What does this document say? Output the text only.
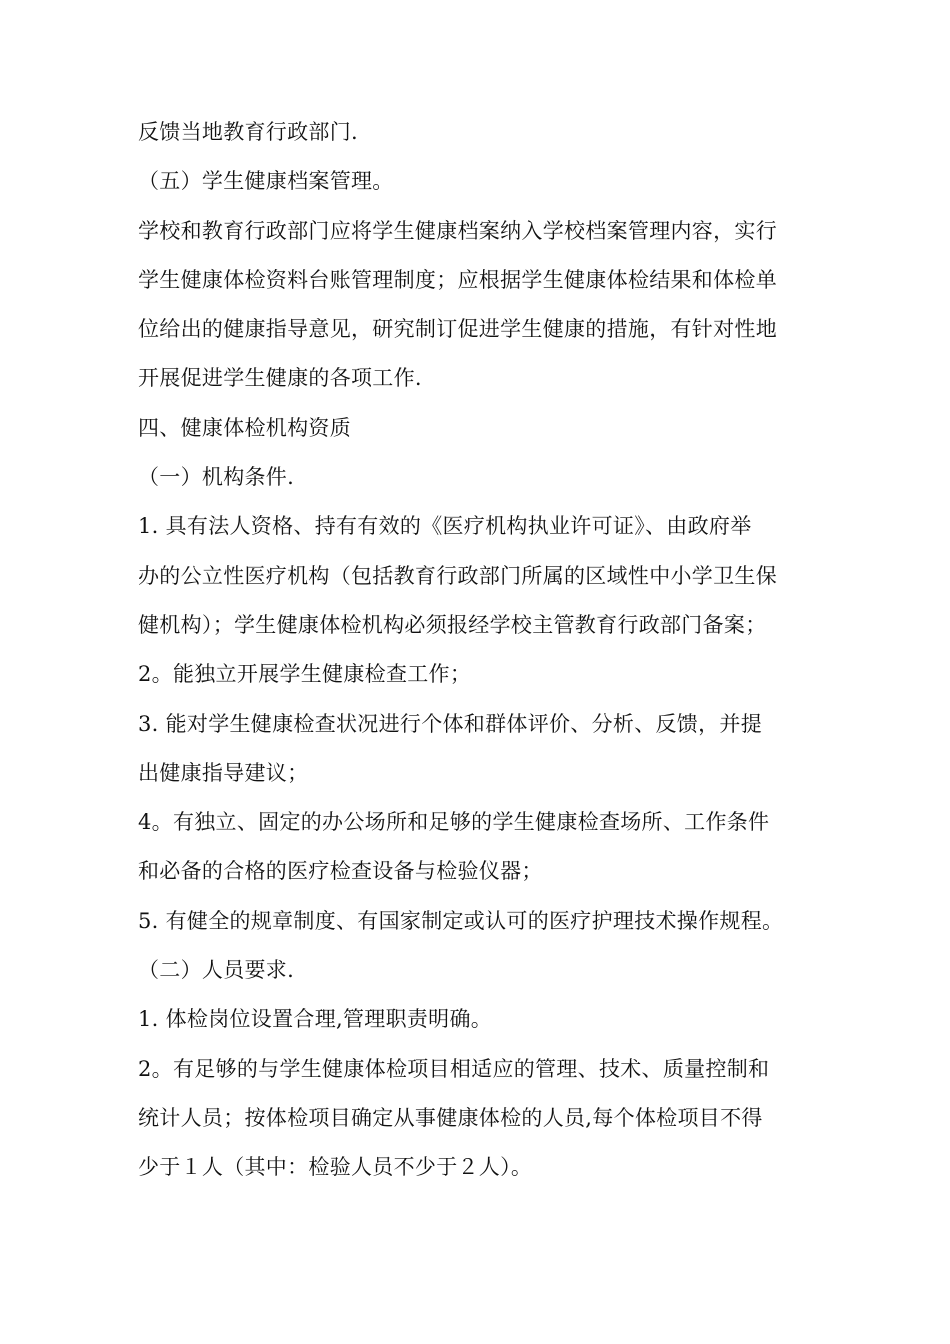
反馈当地教育行政部门.
（五）学生健康档案管理。
学校和教育行政部门应将学生健康档案纳入学校档案管理内容，实行
学生健康体检资料台账管理制度；应根据学生健康体检结果和体检单
位给出的健康指导意见，研究制订促进学生健康的措施，有针对性地
开展促进学生健康的各项工作.
四、健康体检机构资质
（一）机构条件.
1. 具有法人资格、持有有效的《医疗机构执业许可证》、由政府举
办的公立性医疗机构（包括教育行政部门所属的区域性中小学卫生保
健机构）；学生健康体检机构必须报经学校主管教育行政部门备案；
2。能独立开展学生健康检查工作；
3. 能对学生健康检查状况进行个体和群体评价、分析、反馈，并提
出健康指导建议；
4。有独立、固定的办公场所和足够的学生健康检查场所、工作条件
和必备的合格的医疗检查设备与检验仪器；
5. 有健全的规章制度、有国家制定或认可的医疗护理技术操作规程。
（二）人员要求.
1. 体检岗位设置合理,管理职责明确。
2。有足够的与学生健康体检项目相适应的管理、技术、质量控制和
统计人员；按体检项目确定从事健康体检的人员,每个体检项目不得
少于１人（其中：检验人员不少于２人）。
